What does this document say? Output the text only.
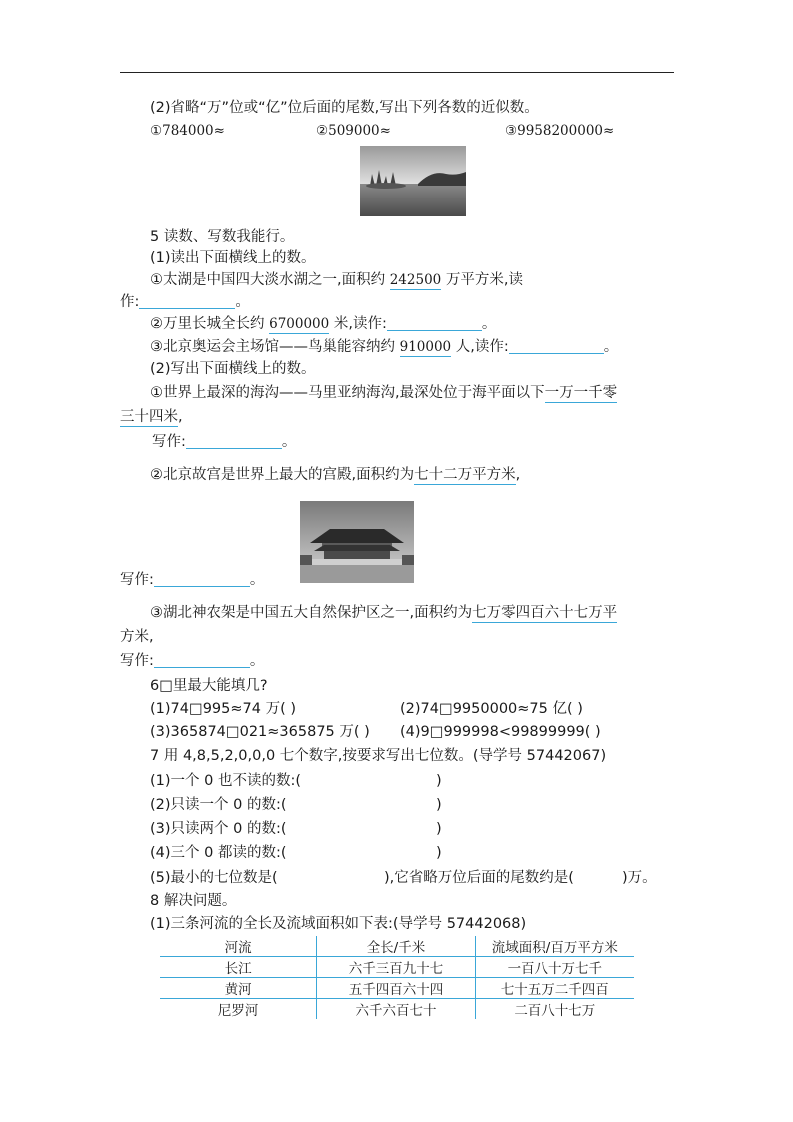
(2)省略“万”位或“亿”位后面的尾数,写出下列各数的近似数。
①784000≈	②509000≈	③9958200000≈
5 读数、写数我能行。
(1)读出下面横线上的数。
①太湖是中国四大淡水湖之一,面积约 242500 万平方米,读
作:	。
②万里长城全长约 6700000 米,读作:	。
③北京奥运会主场馆——鸟巢能容纳约 910000 人,读作:	。
(2)写出下面横线上的数。
①世界上最深的海沟——马里亚纳海沟,最深处位于海平面以下一万一千零
三十四米,
写作:	。
②北京故宫是世界上最大的宫殿,面积约为七十二万平方米,
写作:	。
③湖北神农架是中国五大自然保护区之一,面积约为七万零四百六十七万平
方米,
写作:	。
6□里最大能填几?
(1)74□995≈74 万( )	(2)74□9950000≈75 亿( )
(3)365874□021≈365875 万( ) (4)9□999998<99899999( )
7 用 4,8,5,2,0,0,0 七个数字,按要求写出七位数。(导学号 57442067)
(1)一个 0 也不读的数:(	)
(2)只读一个 0 的数:(	)
(3)只读两个 0 的数:(	)
(4)三个 0 都读的数:(	)
(5)最小的七位数是(	),它省略万位后面的尾数约是(	)万。
8 解决问题。
(1)三条河流的全长及流域面积如下表:(导学号 57442068)
河流	全长/千米	流域面积/百万平方米
长江	六千三百九十七	一百八十万七千
黄河	五千四百六十四	七十五万二千四百
尼罗河	六千六百七十	二百八十七万
